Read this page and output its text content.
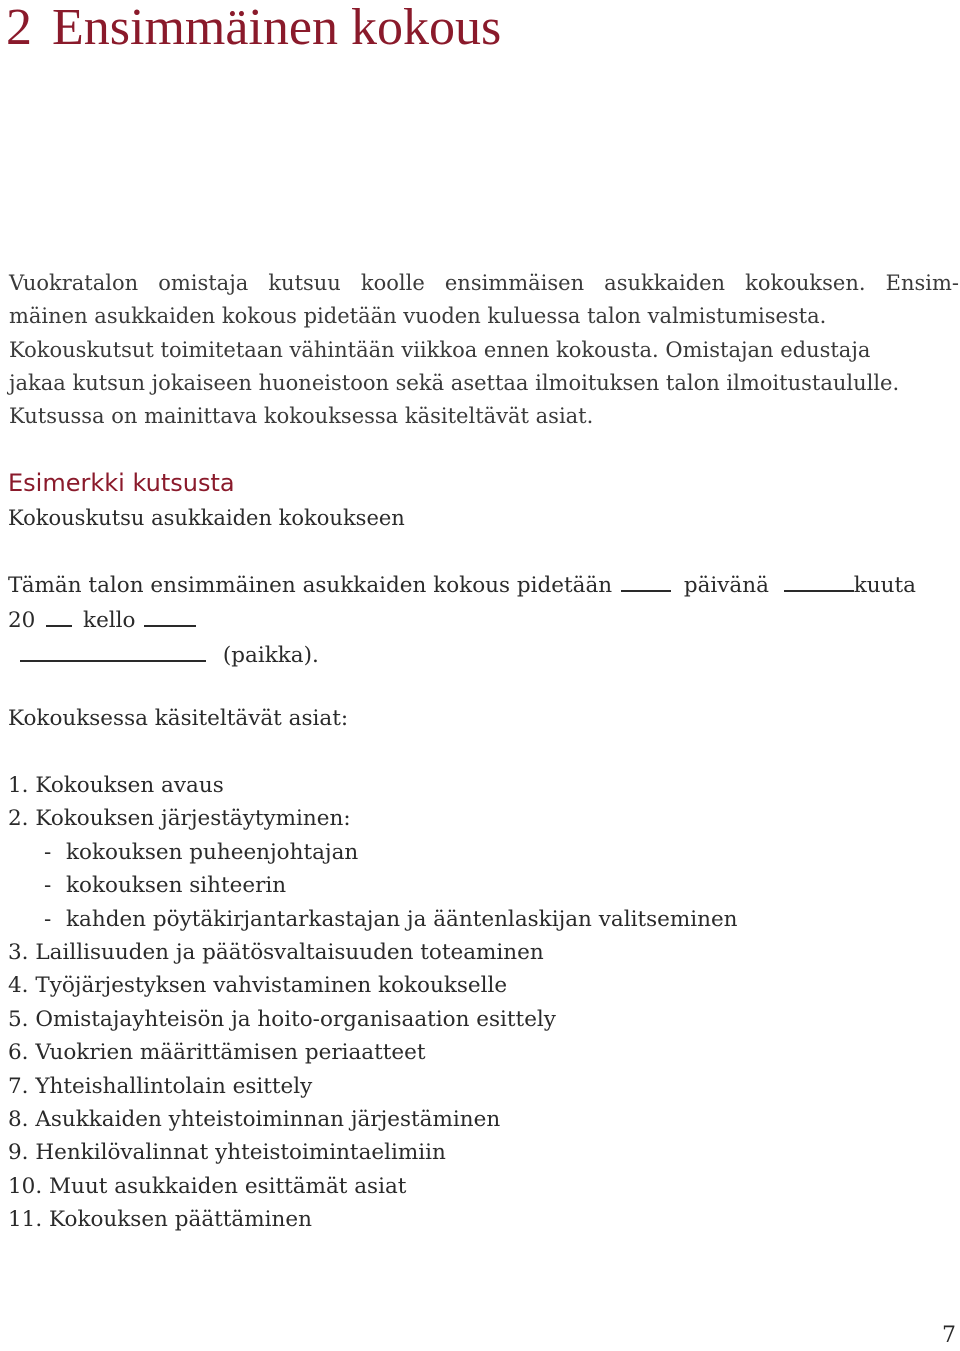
2 Ensimmäinen kokous
Vuokratalon omistaja kutsuu koolle ensimmäisen asukkaiden kokouksen. Ensim-
mäinen asukkaiden kokous pidetään vuoden kuluessa talon valmistumisesta.
Kokouskutsut toimitetaan vähintään viikkoa ennen kokousta. Omistajan edustaja
jakaa kutsun jokaiseen huoneistoon sekä asettaa ilmoituksen talon ilmoitustaululle.
Kutsussa on mainittava kokouksessa käsiteltävät asiat.
Esimerkki kutsusta
Kokouskutsu asukkaiden kokoukseen
Tämän talon ensimmäinen asukkaiden kokous pidetään	päivänä	kuuta
20 kello
(paikka).
Kokouksessa käsiteltävät asiat:
1. Kokouksen avaus
2. Kokouksen järjestäytyminen:
- kokouksen puheenjohtajan
- kokouksen sihteerin
- kahden pöytäkirjantarkastajan ja ääntenlaskijan valitseminen
3. Laillisuuden ja päätösvaltaisuuden toteaminen
4. Työjärjestyksen vahvistaminen kokoukselle
5. Omistajayhteisön ja hoito-organisaation esittely
6. Vuokrien määrittämisen periaatteet
7. Yhteishallintolain esittely
8. Asukkaiden yhteistoiminnan järjestäminen
9. Henkilövalinnat yhteistoimintaelimiin
10. Muut asukkaiden esittämät asiat
11. Kokouksen päättäminen
7
